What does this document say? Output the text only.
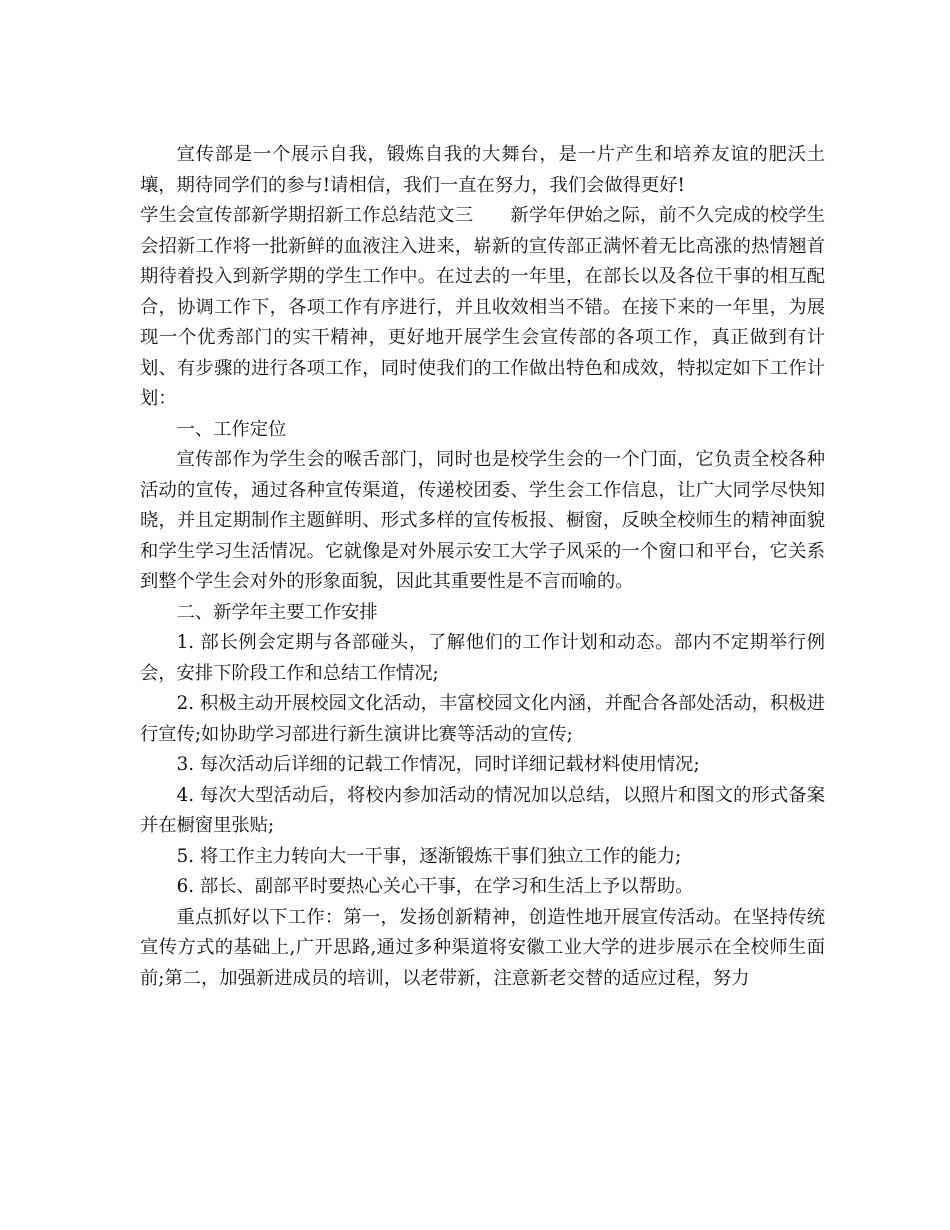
宣传部是一个展示自我，锻炼自我的大舞台，是一片产生和培养友谊的肥沃土壤，期待同学们的参与!请相信，我们一直在努力，我们会做得更好!

学生会宣传部新学期招新工作总结范文三　　新学年伊始之际，前不久完成的校学生会招新工作将一批新鲜的血液注入进来，崭新的宣传部正满怀着无比高涨的热情翘首期待着投入到新学期的学生工作中。在过去的一年里，在部长以及各位干事的相互配合，协调工作下，各项工作有序进行，并且收效相当不错。在接下来的一年里，为展现一个优秀部门的实干精神，更好地开展学生会宣传部的各项工作，真正做到有计划、有步骤的进行各项工作，同时使我们的工作做出特色和成效，特拟定如下工作计划：

一、工作定位

宣传部作为学生会的喉舌部门，同时也是校学生会的一个门面，它负责全校各种活动的宣传，通过各种宣传渠道，传递校团委、学生会工作信息，让广大同学尽快知晓，并且定期制作主题鲜明、形式多样的宣传板报、橱窗，反映全校师生的精神面貌和学生学习生活情况。它就像是对外展示安工大学子风采的一个窗口和平台，它关系到整个学生会对外的形象面貌，因此其重要性是不言而喻的。

二、新学年主要工作安排

1. 部长例会定期与各部碰头，了解他们的工作计划和动态。部内不定期举行例会，安排下阶段工作和总结工作情况;

2. 积极主动开展校园文化活动，丰富校园文化内涵，并配合各部处活动，积极进行宣传;如协助学习部进行新生演讲比赛等活动的宣传;

3. 每次活动后详细的记载工作情况，同时详细记载材料使用情况;

4. 每次大型活动后，将校内参加活动的情况加以总结，以照片和图文的形式备案并在橱窗里张贴;

5. 将工作主力转向大一干事，逐渐锻炼干事们独立工作的能力;

6. 部长、副部平时要热心关心干事，在学习和生活上予以帮助。

重点抓好以下工作：第一，发扬创新精神，创造性地开展宣传活动。在坚持传统宣传方式的基础上,广开思路,通过多种渠道将安徽工业大学的进步展示在全校师生面前;第二，加强新进成员的培训，以老带新，注意新老交替的适应过程，努力
